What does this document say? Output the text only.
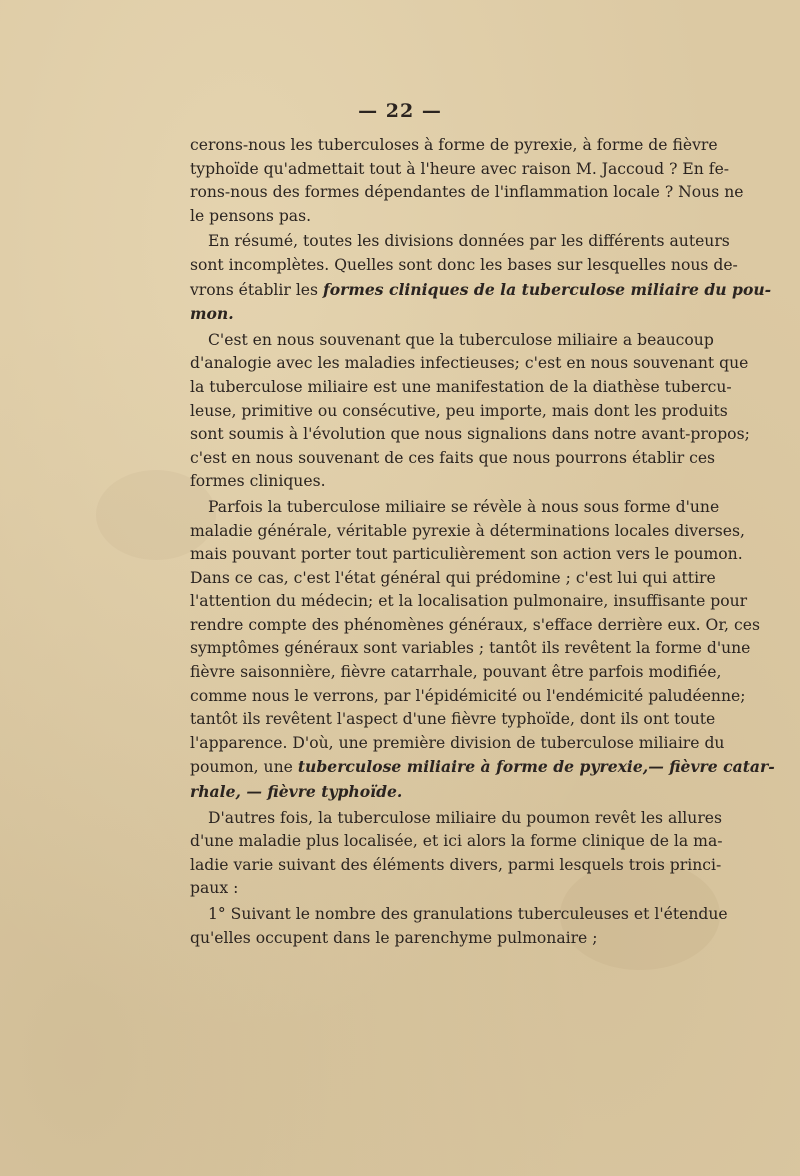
— 22 —

cerons-nous les tuberculoses à forme de pyrexie, à forme de fièvre
typhoïde qu'admettait tout à l'heure avec raison M. Jaccoud ? En fe-
rons-nous des formes dépendantes de l'inflammation locale ? Nous ne
le pensons pas.

En résumé, toutes les divisions données par les différents auteurs
sont incomplètes. Quelles sont donc les bases sur lesquelles nous de-
vrons établir les formes cliniques de la tuberculose miliaire du pou-
mon.

C'est en nous souvenant que la tuberculose miliaire a beaucoup
d'analogie avec les maladies infectieuses; c'est en nous souvenant que
la tuberculose miliaire est une manifestation de la diathèse tubercu-
leuse, primitive ou consécutive, peu importe, mais dont les produits
sont soumis à l'évolution que nous signalions dans notre avant-propos;
c'est en nous souvenant de ces faits que nous pourrons établir ces
formes cliniques.

Parfois la tuberculose miliaire se révèle à nous sous forme d'une
maladie générale, véritable pyrexie à déterminations locales diverses,
mais pouvant porter tout particulièrement son action vers le poumon.
Dans ce cas, c'est l'état général qui prédomine ; c'est lui qui attire
l'attention du médecin; et la localisation pulmonaire, insuffisante pour
rendre compte des phénomènes généraux, s'efface derrière eux. Or, ces
symptômes généraux sont variables ; tantôt ils revêtent la forme d'une
fièvre saisonnière, fièvre catarrhale, pouvant être parfois modifiée,
comme nous le verrons, par l'épidémicité ou l'endémicité paludéenne;
tantôt ils revêtent l'aspect d'une fièvre typhoïde, dont ils ont toute
l'apparence. D'où, une première division de tuberculose miliaire du
poumon, une tuberculose miliaire à forme de pyrexie,— fièvre catar-
rhale, — fièvre typhoïde.

D'autres fois, la tuberculose miliaire du poumon revêt les allures
d'une maladie plus localisée, et ici alors la forme clinique de la ma-
ladie varie suivant des éléments divers, parmi lesquels trois princi-
paux :

1° Suivant le nombre des granulations tuberculeuses et l'étendue
qu'elles occupent dans le parenchyme pulmonaire ;
